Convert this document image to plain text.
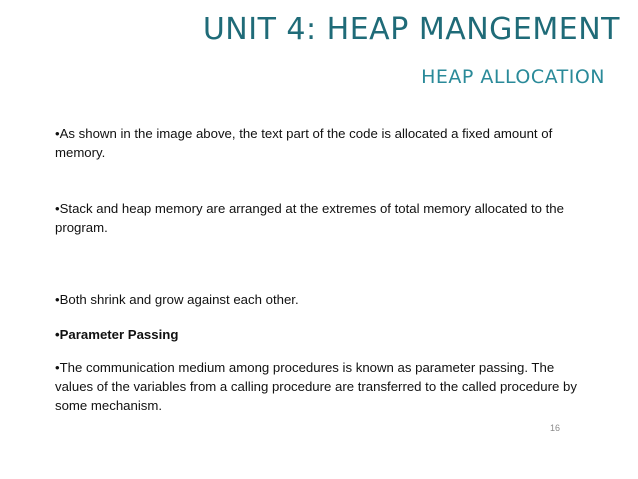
UNIT 4: HEAP MANGEMENT
HEAP ALLOCATION

•As shown in the image above, the text part of the code is allocated a fixed amount of memory.

•Stack and heap memory are arranged at the extremes of total memory allocated to the program.

•Both shrink and grow against each other.

•Parameter Passing

•The communication medium among procedures is known as parameter passing. The values of the variables from a calling procedure are transferred to the called procedure by some mechanism.

16
